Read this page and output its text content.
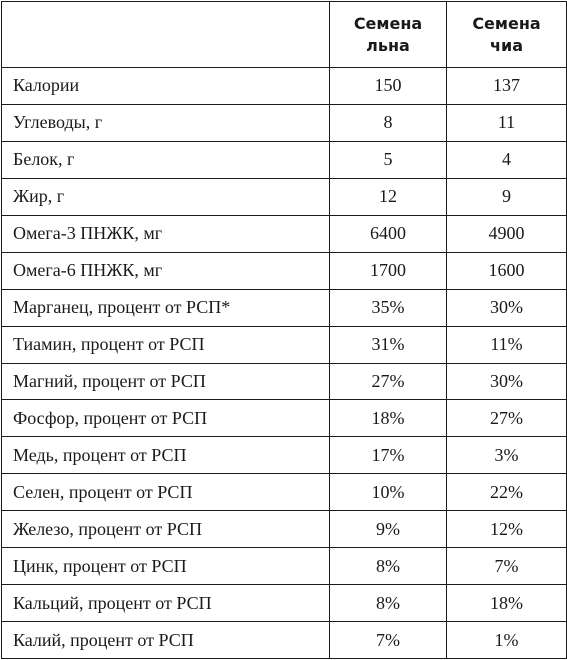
	Семена льна	Семена чиа
Калории	150	137
Углеводы, г	8	11
Белок, г	5	4
Жир, г	12	9
Омега-3 ПНЖК, мг	6400	4900
Омега-6 ПНЖК, мг	1700	1600
Марганец, процент от РСП*	35%	30%
Тиамин, процент от РСП	31%	11%
Магний, процент от РСП	27%	30%
Фосфор, процент от РСП	18%	27%
Медь, процент от РСП	17%	3%
Селен, процент от РСП	10%	22%
Железо, процент от РСП	9%	12%
Цинк, процент от РСП	8%	7%
Кальций, процент от РСП	8%	18%
Калий, процент от РСП	7%	1%
